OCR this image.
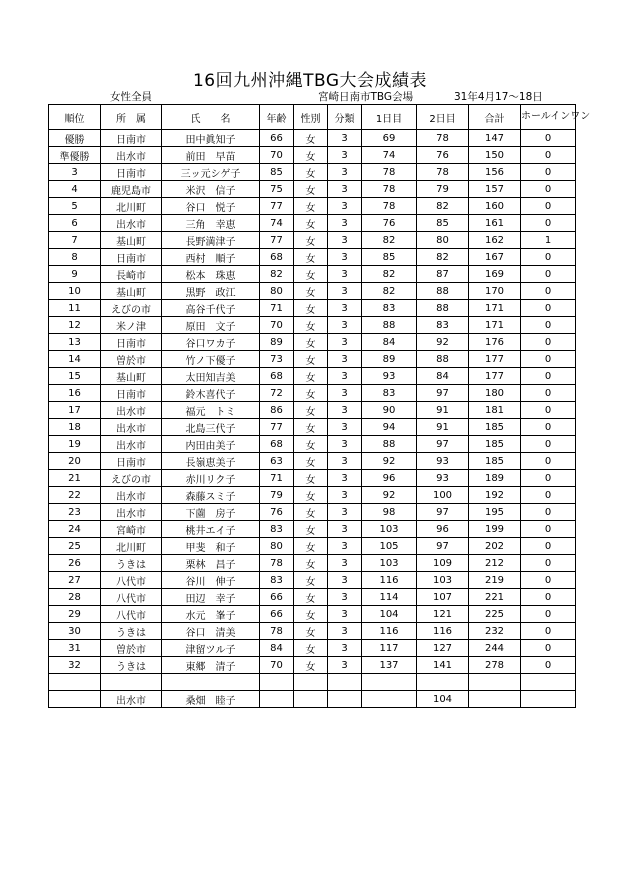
16回九州沖縄TBG大会成績表
女性全員	宮崎日南市TBG会場	31年4月17～18日
順位	所　属	氏　　名	年齢	性別	分類	1日目	2日目	合計	ホールインワン
優勝	日南市	田中眞知子	66	女	3	69	78	147	0
準優勝	出水市	前田　早苗	70	女	3	74	76	150	0
3	日南市	三ッ元シゲ子	85	女	3	78	78	156	0
4	鹿児島市	米沢　信子	75	女	3	78	79	157	0
5	北川町	谷口　悦子	77	女	3	78	82	160	0
6	出水市	三角　幸恵	74	女	3	76	85	161	0
7	基山町	長野満津子	77	女	3	82	80	162	1
8	日南市	西村　順子	68	女	3	85	82	167	0
9	長崎市	松本　珠恵	82	女	3	82	87	169	0
10	基山町	黒野　政江	80	女	3	82	88	170	0
11	えびの市	高谷千代子	71	女	3	83	88	171	0
12	米ノ津	原田　文子	70	女	3	88	83	171	0
13	日南市	谷口ワカ子	89	女	3	84	92	176	0
14	曽於市	竹ノ下優子	73	女	3	89	88	177	0
15	基山町	太田知吉美	68	女	3	93	84	177	0
16	日南市	鈴木喜代子	72	女	3	83	97	180	0
17	出水市	福元　トミ	86	女	3	90	91	181	0
18	出水市	北島三代子	77	女	3	94	91	185	0
19	出水市	内田由美子	68	女	3	88	97	185	0
20	日南市	長嶺恵美子	63	女	3	92	93	185	0
21	えびの市	赤川リク子	71	女	3	96	93	189	0
22	出水市	森藤スミ子	79	女	3	92	100	192	0
23	出水市	下薗　房子	76	女	3	98	97	195	0
24	宮崎市	桃井エイ子	83	女	3	103	96	199	0
25	北川町	甲斐　和子	80	女	3	105	97	202	0
26	うきは	栗林　昌子	78	女	3	103	109	212	0
27	八代市	谷川　伸子	83	女	3	116	103	219	0
28	八代市	田辺　幸子	66	女	3	114	107	221	0
29	八代市	水元　峯子	66	女	3	104	121	225	0
30	うきは	谷口　清美	78	女	3	116	116	232	0
31	曽於市	津留ツル子	84	女	3	117	127	244	0
32	うきは	東郷　清子	70	女	3	137	141	278	0

	出水市	桑畑　睦子					104		
